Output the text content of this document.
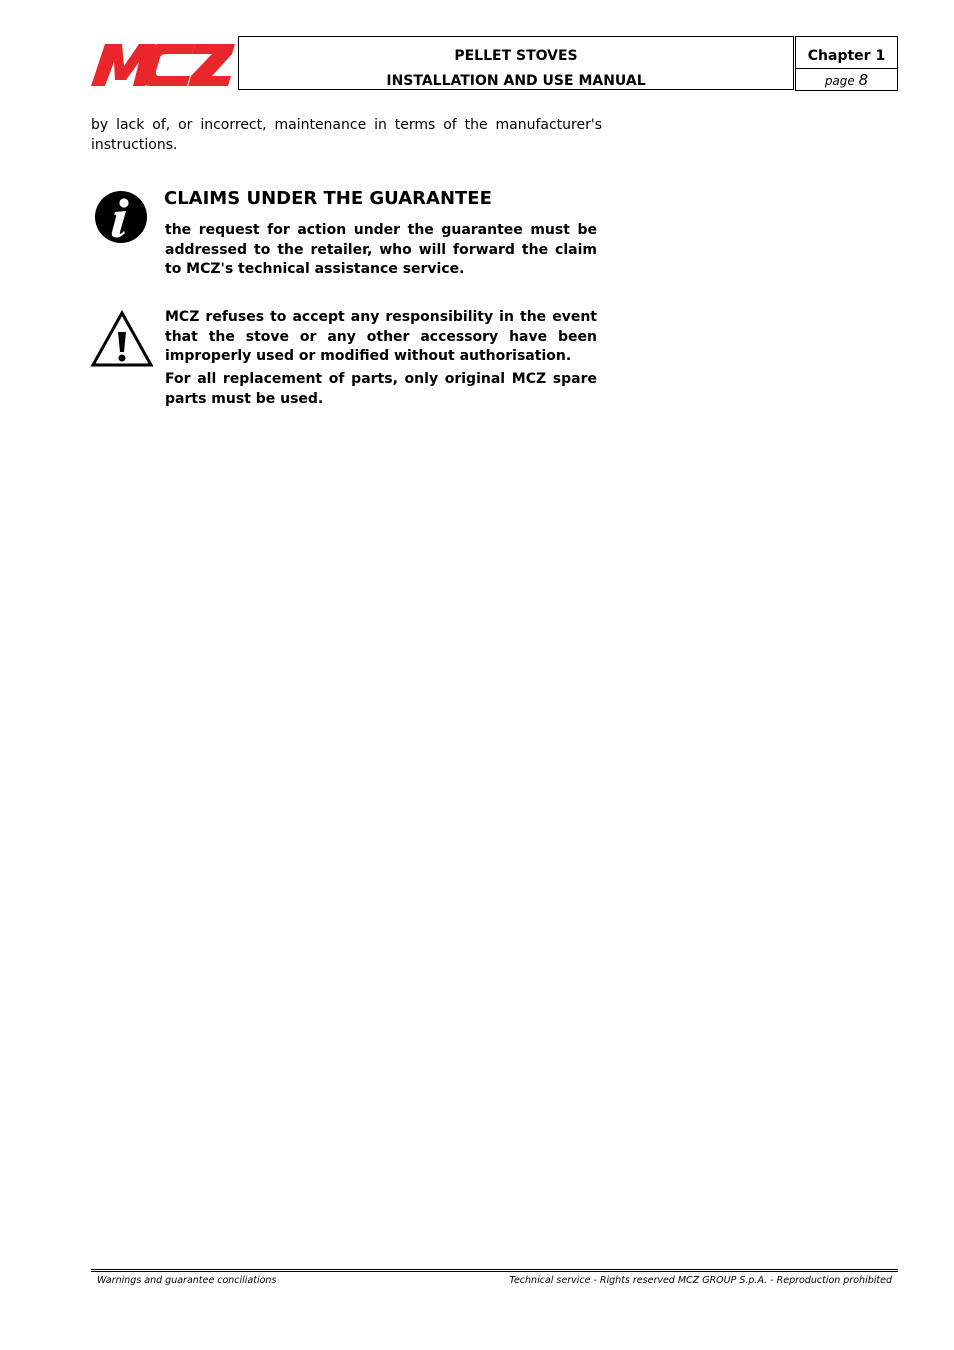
PELLET STOVES
INSTALLATION AND USE MANUAL
Chapter 1
page 8
by lack of, or incorrect, maintenance in terms of the manufacturer's instructions.
CLAIMS UNDER THE GUARANTEE
the request for action under the guarantee must be addressed to the retailer, who will forward the claim to MCZ's technical assistance service.
MCZ refuses to accept any responsibility in the event that the stove or any other accessory have been improperly used or modified without authorisation.
For all replacement of parts, only original MCZ spare parts must be used.
Warnings and guarantee conciliations	Technical service - Rights reserved MCZ GROUP S.p.A. - Reproduction prohibited
